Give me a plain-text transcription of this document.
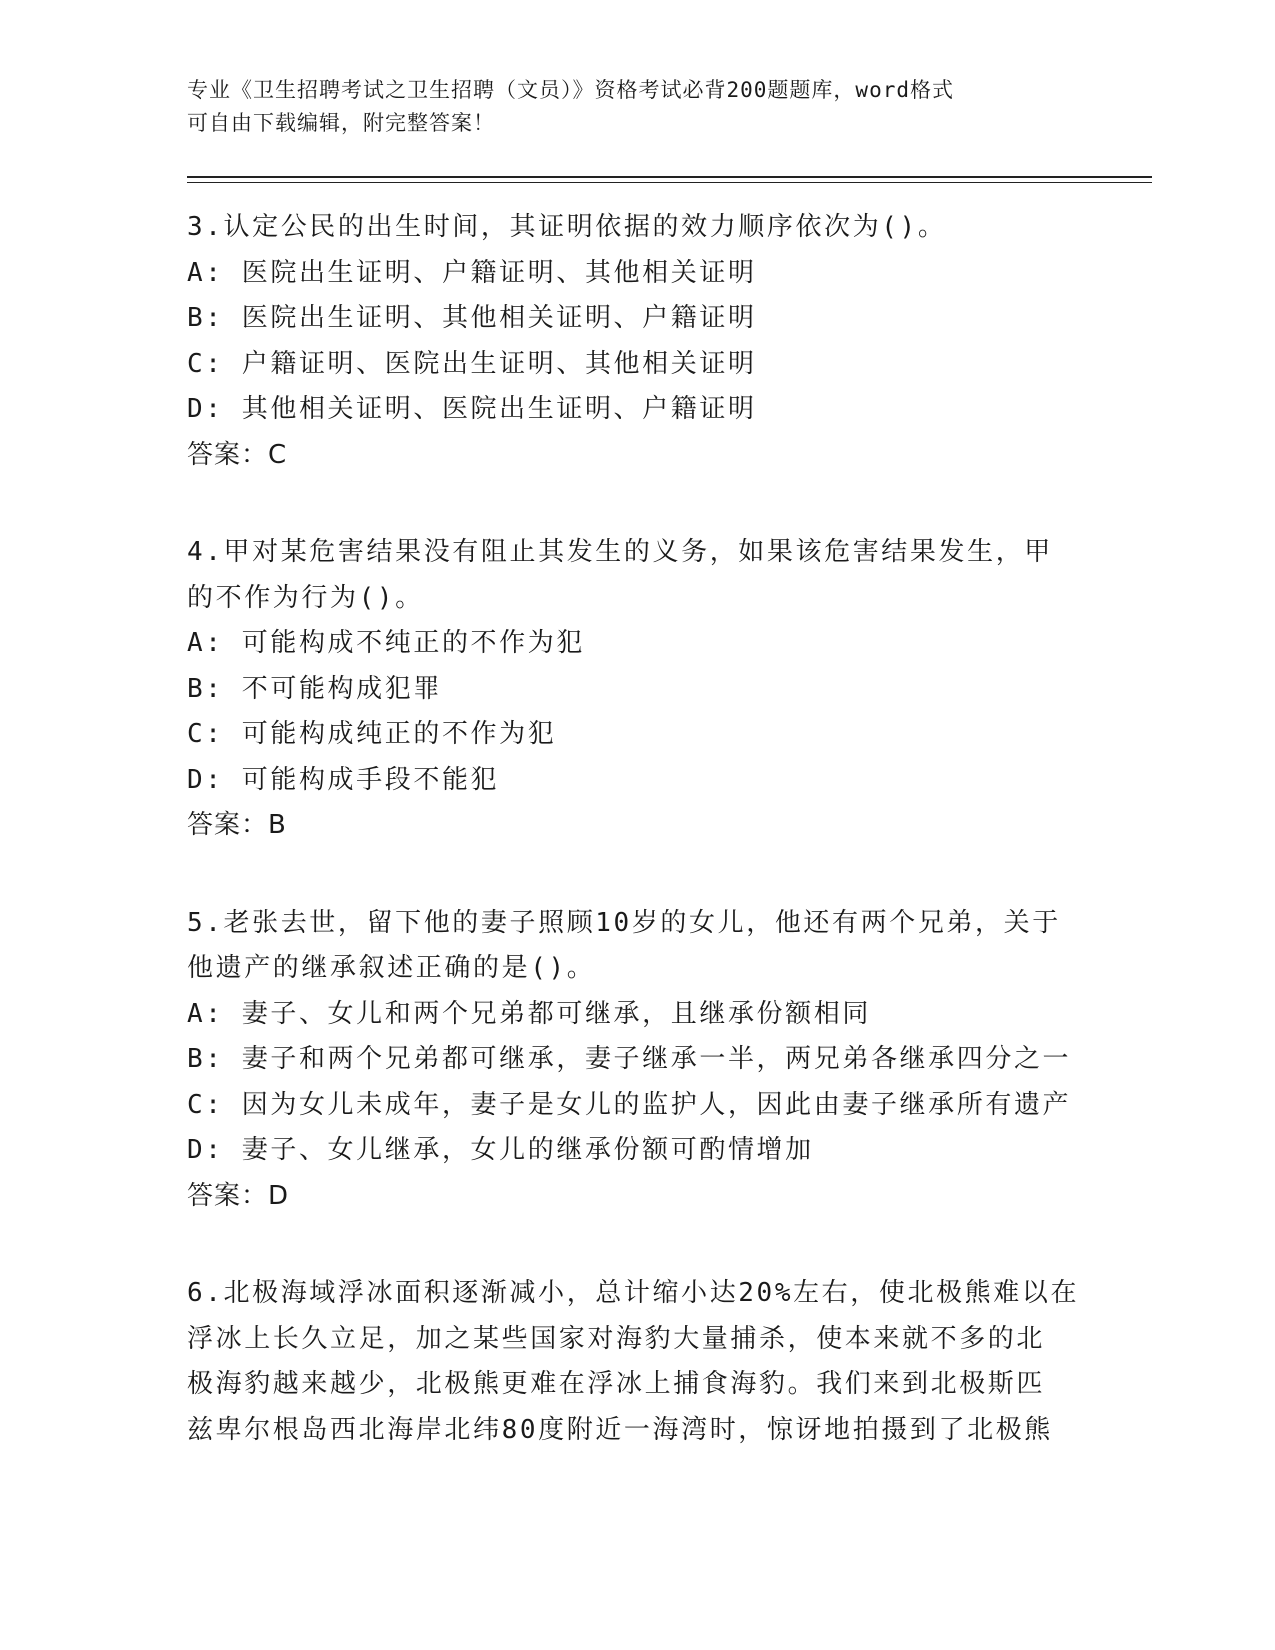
专业《卫生招聘考试之卫生招聘（文员）》资格考试必背200题题库，word格式
可自由下载编辑，附完整答案！

3.认定公民的出生时间，其证明依据的效力顺序依次为()。

A: 医院出生证明、户籍证明、其他相关证明

B: 医院出生证明、其他相关证明、户籍证明

C: 户籍证明、医院出生证明、其他相关证明

D: 其他相关证明、医院出生证明、户籍证明

答案：C

4.甲对某危害结果没有阻止其发生的义务，如果该危害结果发生，甲

的不作为行为()。

A: 可能构成不纯正的不作为犯

B: 不可能构成犯罪

C: 可能构成纯正的不作为犯

D: 可能构成手段不能犯

答案：B

5.老张去世，留下他的妻子照顾10岁的女儿，他还有两个兄弟，关于

他遗产的继承叙述正确的是()。

A: 妻子、女儿和两个兄弟都可继承，且继承份额相同

B: 妻子和两个兄弟都可继承，妻子继承一半，两兄弟各继承四分之一

C: 因为女儿未成年，妻子是女儿的监护人，因此由妻子继承所有遗产

D: 妻子、女儿继承，女儿的继承份额可酌情增加

答案：D

6.北极海域浮冰面积逐渐减小，总计缩小达20%左右，使北极熊难以在

浮冰上长久立足，加之某些国家对海豹大量捕杀，使本来就不多的北

极海豹越来越少，北极熊更难在浮冰上捕食海豹。我们来到北极斯匹

兹卑尔根岛西北海岸北纬80度附近一海湾时，惊讶地拍摄到了北极熊
